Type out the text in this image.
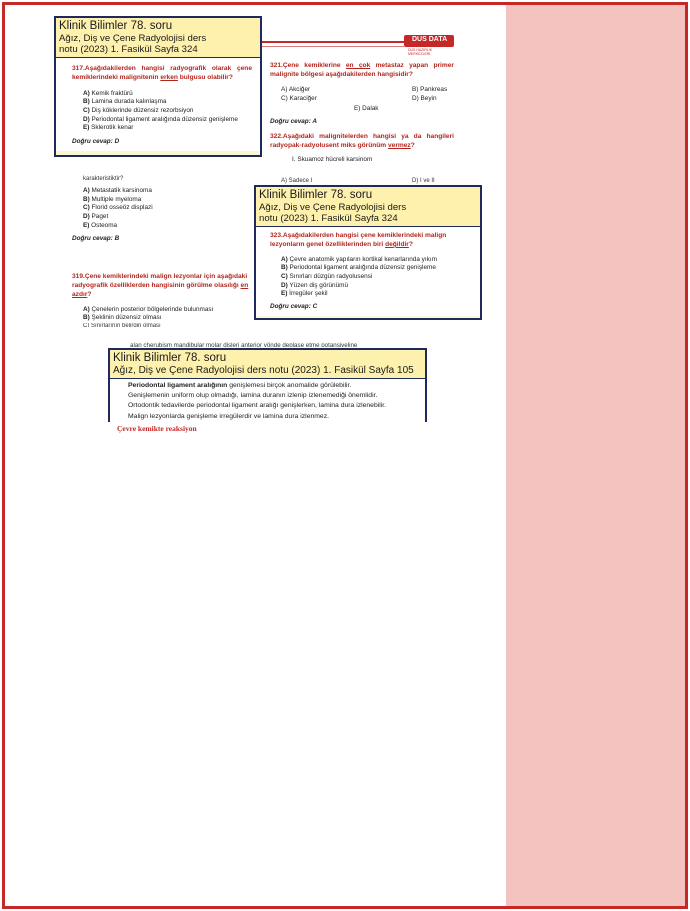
DUS DATA
DUS HAZIRLIK MERKEZLERI
321.Çene kemiklerine en çok metastaz yapan primer malignite bölgesi aşağıdakilerden hangisidir?
A) Akciğer	B) Pankreas
C) Karaciğer	D) Beyin
E) Dalak
Doğru cevap: A
322.Aşağıdaki malignitelerden hangisi ya da hangileri radyopak-radyolusent miks görünüm vermez?
I. Skuamoz hücreli karsinom
A) Sadece I	D) I ve II
karakteristiktir?
A) Metastatik karsinoma
B) Multiple myeloma
C) Florid osseöz displazi
D) Paget
E) Osteoma
Doğru cevap: B
319.Çene kemiklerindeki malign lezyonlar için aşağıdaki radyografik özelliklerden hangisinin görülme olasılığı en azdır?
A) Çenelerin posterior bölgelerinde bulunması
B) Şeklinin düzensiz olması
C) Sınırlarının belirgin olması
alan cherubism mandibular molar dişleri anterior yönde deplase etme potansiyeline
Klinik Bilimler 78. soru
Ağız, Diş ve Çene Radyolojisi ders
notu (2023) 1. Fasikül Sayfa 324
317.Aşağıdakilerden hangisi radyografik olarak çene kemiklerindeki malignitenin erken bulgusu olabilir?
A) Kemik fraktürü
B) Lamina durada kalınlaşma
C) Diş köklerinde düzensiz rezorbsiyon
D) Periodontal ligament aralığında düzensiz genişleme
E) Sklerotik kenar
Doğru cevap: D
Klinik Bilimler 78. soru
Ağız, Diş ve Çene Radyolojisi ders
notu (2023) 1. Fasikül Sayfa 324
323.Aşağıdakilerden hangisi çene kemiklerindeki malign lezyonların genel özelliklerinden biri değildir?
A) Çevre anatomik yapıların kortikal kenarlarında yıkım
B) Periodontal ligament aralığında düzensiz genişleme
C) Sınırları düzgün radyolusensi
D) Yüzen diş görünümü
E) İrregüler şekil
Doğru cevap: C
Klinik Bilimler 78. soru
Ağız, Diş ve Çene Radyolojisi ders notu (2023) 1. Fasikül Sayfa 105
Periodontal ligament aralığının genişlemesi birçok anomalide görülebilir.
Genişlemenin uniform olup olmadığı, lamina duranın izlenip izlenemediği önemlidir.
Ortodontik tedavilerde periodontal ligament aralığı genişlerken, lamina dura izlenebilir.
Malign lezyonlarda genişleme irregülerdir ve lamina dura izlenmez.
Çevre kemikte reaksiyon
